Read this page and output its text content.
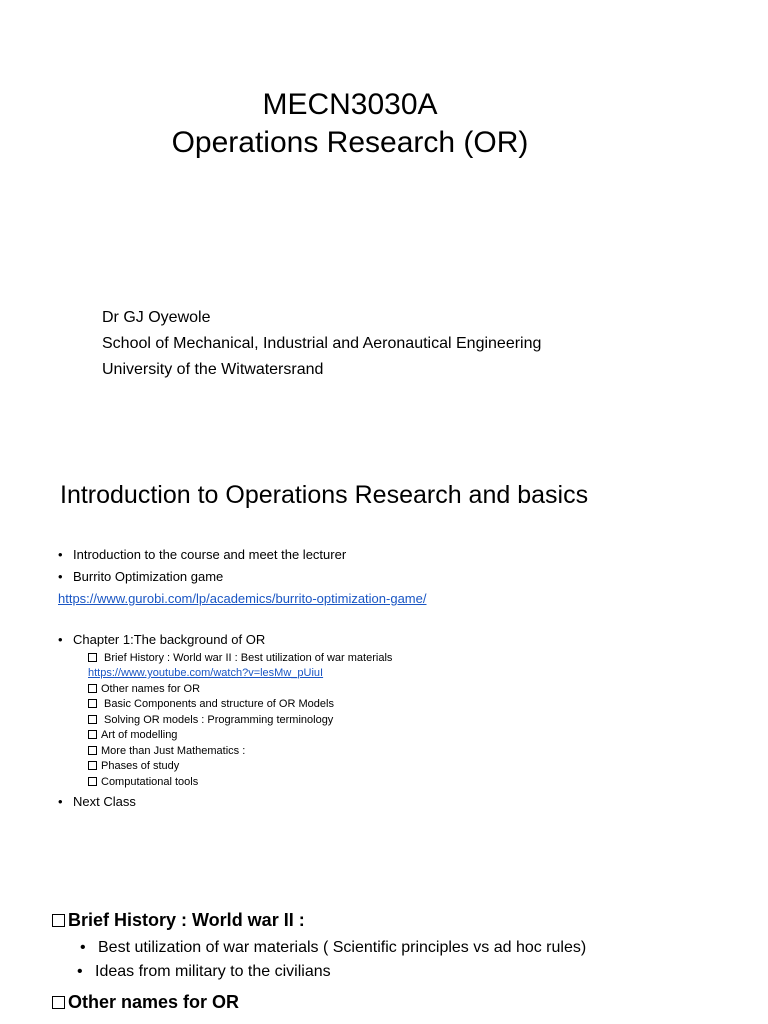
MECN3030A
Operations Research (OR)
Dr GJ Oyewole
School of Mechanical, Industrial and Aeronautical Engineering
University of the Witwatersrand
Introduction to Operations Research and basics
• Introduction to the course and meet the lecturer
• Burrito Optimization game
https://www.gurobi.com/lp/academics/burrito-optimization-game/
• Chapter 1:The background of OR
Brief History : World war II : Best utilization of war materials
https://www.youtube.com/watch?v=lesMw_pUiuI
Other names for OR
Basic Components and structure of OR Models
Solving OR models : Programming terminology
Art of modelling
More than Just Mathematics :
Phases of study
Computational tools
• Next Class
Brief History : World war II :
• Best utilization of war materials ( Scientific principles vs ad hoc rules)
• Ideas from military to the civilians
Other names for OR
